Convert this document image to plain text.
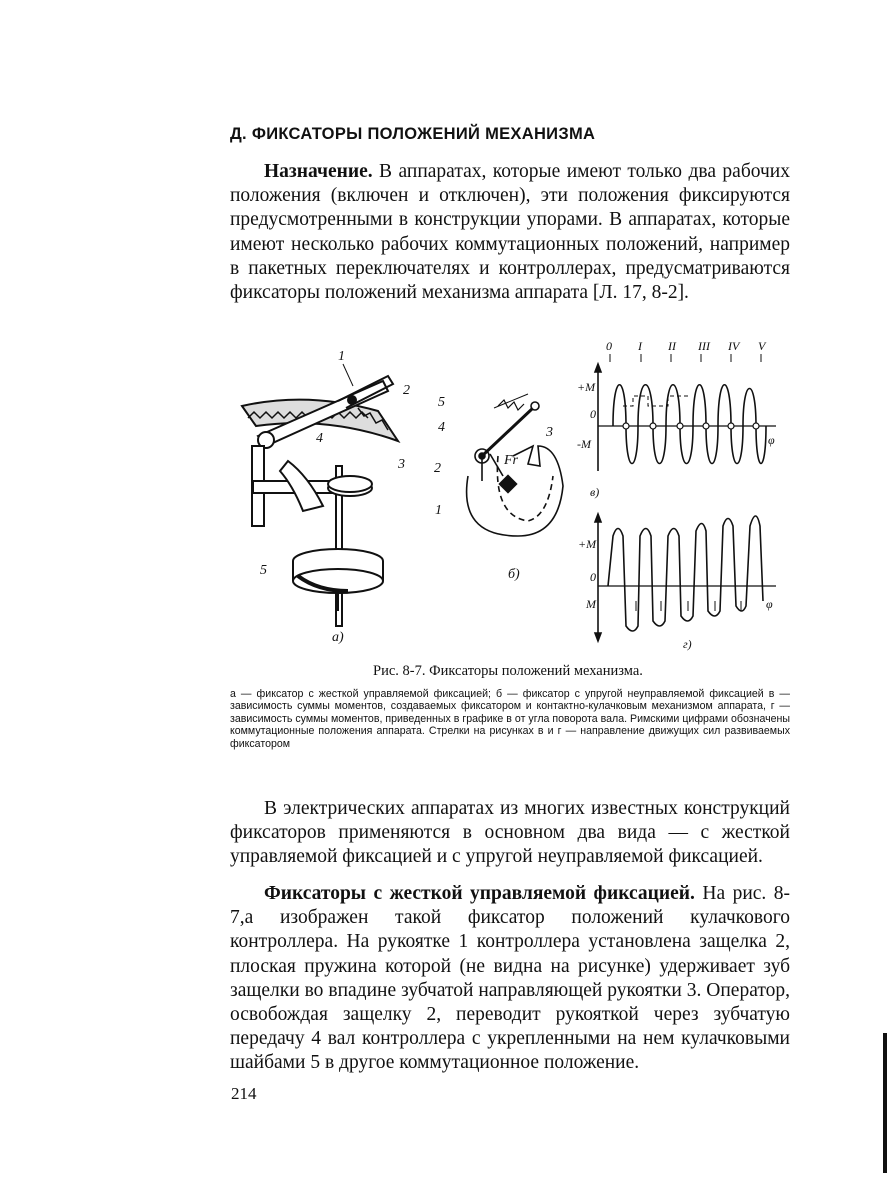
Д. ФИКСАТОРЫ ПОЛОЖЕНИЙ МЕХАНИЗМА

Назначение. В аппаратах, которые имеют только два рабочих положения (включен и отключен), эти положения фиксируются предусмотренными в конструкции упорами. В аппаратах, которые имеют несколько рабочих коммутационных положений, например в пакетных переключателях и контроллерах, предусматриваются фиксаторы положений механизма аппарата [Л. 17, 8-2].

1
2
3
4
5
а)
5
4	3
2
1
Fr
б)
0 I II III IV V
+M
-M
0
φ
в)
+M
0
M	φ
г)
Рис. 8-7. Фиксаторы положений механизма.

а — фиксатор с жесткой управляемой фиксацией; б — фиксатор с упругой неуправляемой фиксацией в — зависимость суммы моментов, создаваемых фиксатором и контактно-кулачковым механизмом аппарата, г — зависимость суммы моментов, приведенных в графике в от угла поворота вала. Римскими цифрами обозначены коммутационные положения аппарата. Стрелки на рисунках в и г — направление движущих сил развиваемых фиксатором

В электрических аппаратах из многих известных конструкций фиксаторов применяются в основном два вида — с жесткой управляемой фиксацией и с упругой неуправляемой фиксацией.

Фиксаторы с жесткой управляемой фиксацией. На рис. 8-7,а изображен такой фиксатор положений кулачкового контроллера. На рукоятке 1 контроллера установлена защелка 2, плоская пружина которой (не видна на рисунке) удерживает зуб защелки во впадине зубчатой направляющей рукоятки 3. Оператор, освобождая защелку 2, переводит рукояткой через зубчатую передачу 4 вал контроллера с укрепленными на нем кулачковыми шайбами 5 в другое коммутационное положение.

214
